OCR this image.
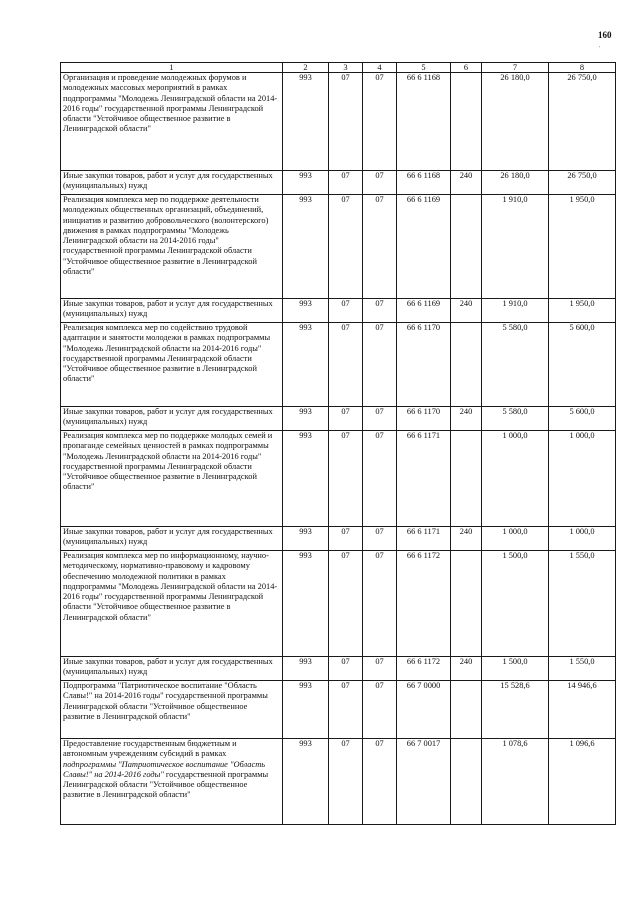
160
'
1	2	3	4	5	6	7	8
Организация и проведение молодежных форумов и молодежных массовых мероприятий в рамках подпрограммы "Молодежь Ленинградской области на 2014-2016 годы" государственной программы Ленинградской области "Устойчивое общественное развитие в Ленинградской области"	993	07	07	66 6 1168		26 180,0	26 750,0
Иные закупки товаров, работ и услуг для государственных (муниципальных) нужд	993	07	07	66 6 1168	240	26 180,0	26 750,0
Реализация комплекса мер по поддержке деятельности молодежных общественных организаций, объединений, инициатив и развитию добровольческого (волонтерского) движения в рамках подпрограммы "Молодежь Ленинградской области на 2014-2016 годы" государственной программы Ленинградской области "Устойчивое общественное развитие в Ленинградской области"	993	07	07	66 6 1169		1 910,0	1 950,0
Иные закупки товаров, работ и услуг для государственных (муниципальных) нужд	993	07	07	66 6 1169	240	1 910,0	1 950,0
Реализация комплекса мер по содействию трудовой адаптации и занятости молодежи в рамках подпрограммы "Молодежь Ленинградской области на 2014-2016 годы" государственной программы Ленинградской области "Устойчивое общественное развитие в Ленинградской области"	993	07	07	66 6 1170		5 580,0	5 600,0
Иные закупки товаров, работ и услуг для государственных (муниципальных) нужд	993	07	07	66 6 1170	240	5 580,0	5 600,0
Реализация комплекса мер по поддержке молодых семей и пропаганде семейных ценностей в рамках подпрограммы "Молодежь Ленинградской области на 2014-2016 годы" государственной программы Ленинградской области "Устойчивое общественное развитие в Ленинградской области"	993	07	07	66 6 1171		1 000,0	1 000,0
Иные закупки товаров, работ и услуг для государственных (муниципальных) нужд	993	07	07	66 6 1171	240	1 000,0	1 000,0
Реализация комплекса мер по информационному, научно-методическому, нормативно-правовому и кадровому обеспечению молодежной политики в рамках подпрограммы "Молодежь Ленинградской области на 2014-2016 годы" государственной программы Ленинградской области "Устойчивое общественное развитие в Ленинградской области"	993	07	07	66 6 1172		1 500,0	1 550,0
Иные закупки товаров, работ и услуг для государственных (муниципальных) нужд	993	07	07	66 6 1172	240	1 500,0	1 550,0
Подпрограмма "Патриотическое воспитание "Область Славы!" на 2014-2016 годы" государственной программы Ленинградской области "Устойчивое общественное развитие в Ленинградской области"	993	07	07	66 7 0000		15 528,6	14 946,6
Предоставление государственным бюджетным и автономным учреждениям субсидий в рамках подпрограммы "Патриотическое воспитание "Область Славы!" на 2014-2016 годы" государственной программы Ленинградской области "Устойчивое общественное развитие в Ленинградской области"	993	07	07	66 7 0017		1 078,6	1 096,6
